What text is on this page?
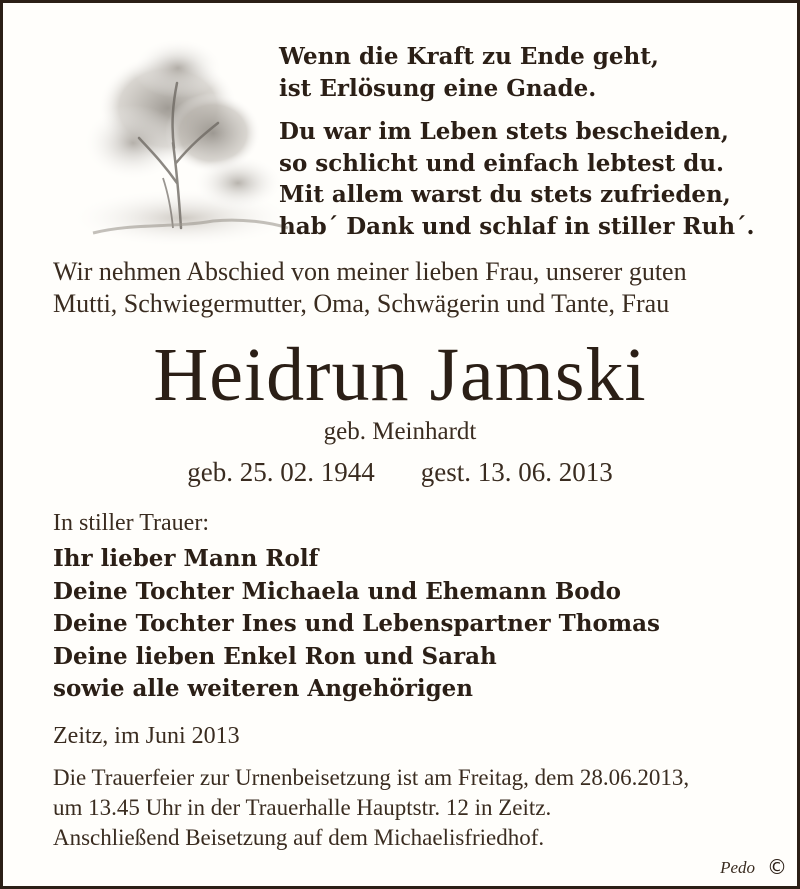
Wenn die Kraft zu Ende geht,
ist Erlösung eine Gnade.
Du war im Leben stets bescheiden,
so schlicht und einfach lebtest du.
Mit allem warst du stets zufrieden,
hab´ Dank und schlaf in stiller Ruh´.
Wir nehmen Abschied von meiner lieben Frau, unserer guten
Mutti, Schwiegermutter, Oma, Schwägerin und Tante, Frau
Heidrun Jamski
geb. Meinhardt
geb. 25. 02. 1944 gest. 13. 06. 2013
In stiller Trauer:
Ihr lieber Mann Rolf
Deine Tochter Michaela und Ehemann Bodo
Deine Tochter Ines und Lebenspartner Thomas
Deine lieben Enkel Ron und Sarah
sowie alle weiteren Angehörigen
Zeitz, im Juni 2013
Die Trauerfeier zur Urnenbeisetzung ist am Freitag, dem 28.06.2013,
um 13.45 Uhr in der Trauerhalle Hauptstr. 12 in Zeitz.
Anschließend Beisetzung auf dem Michaelisfriedhof.
Pedo ©
